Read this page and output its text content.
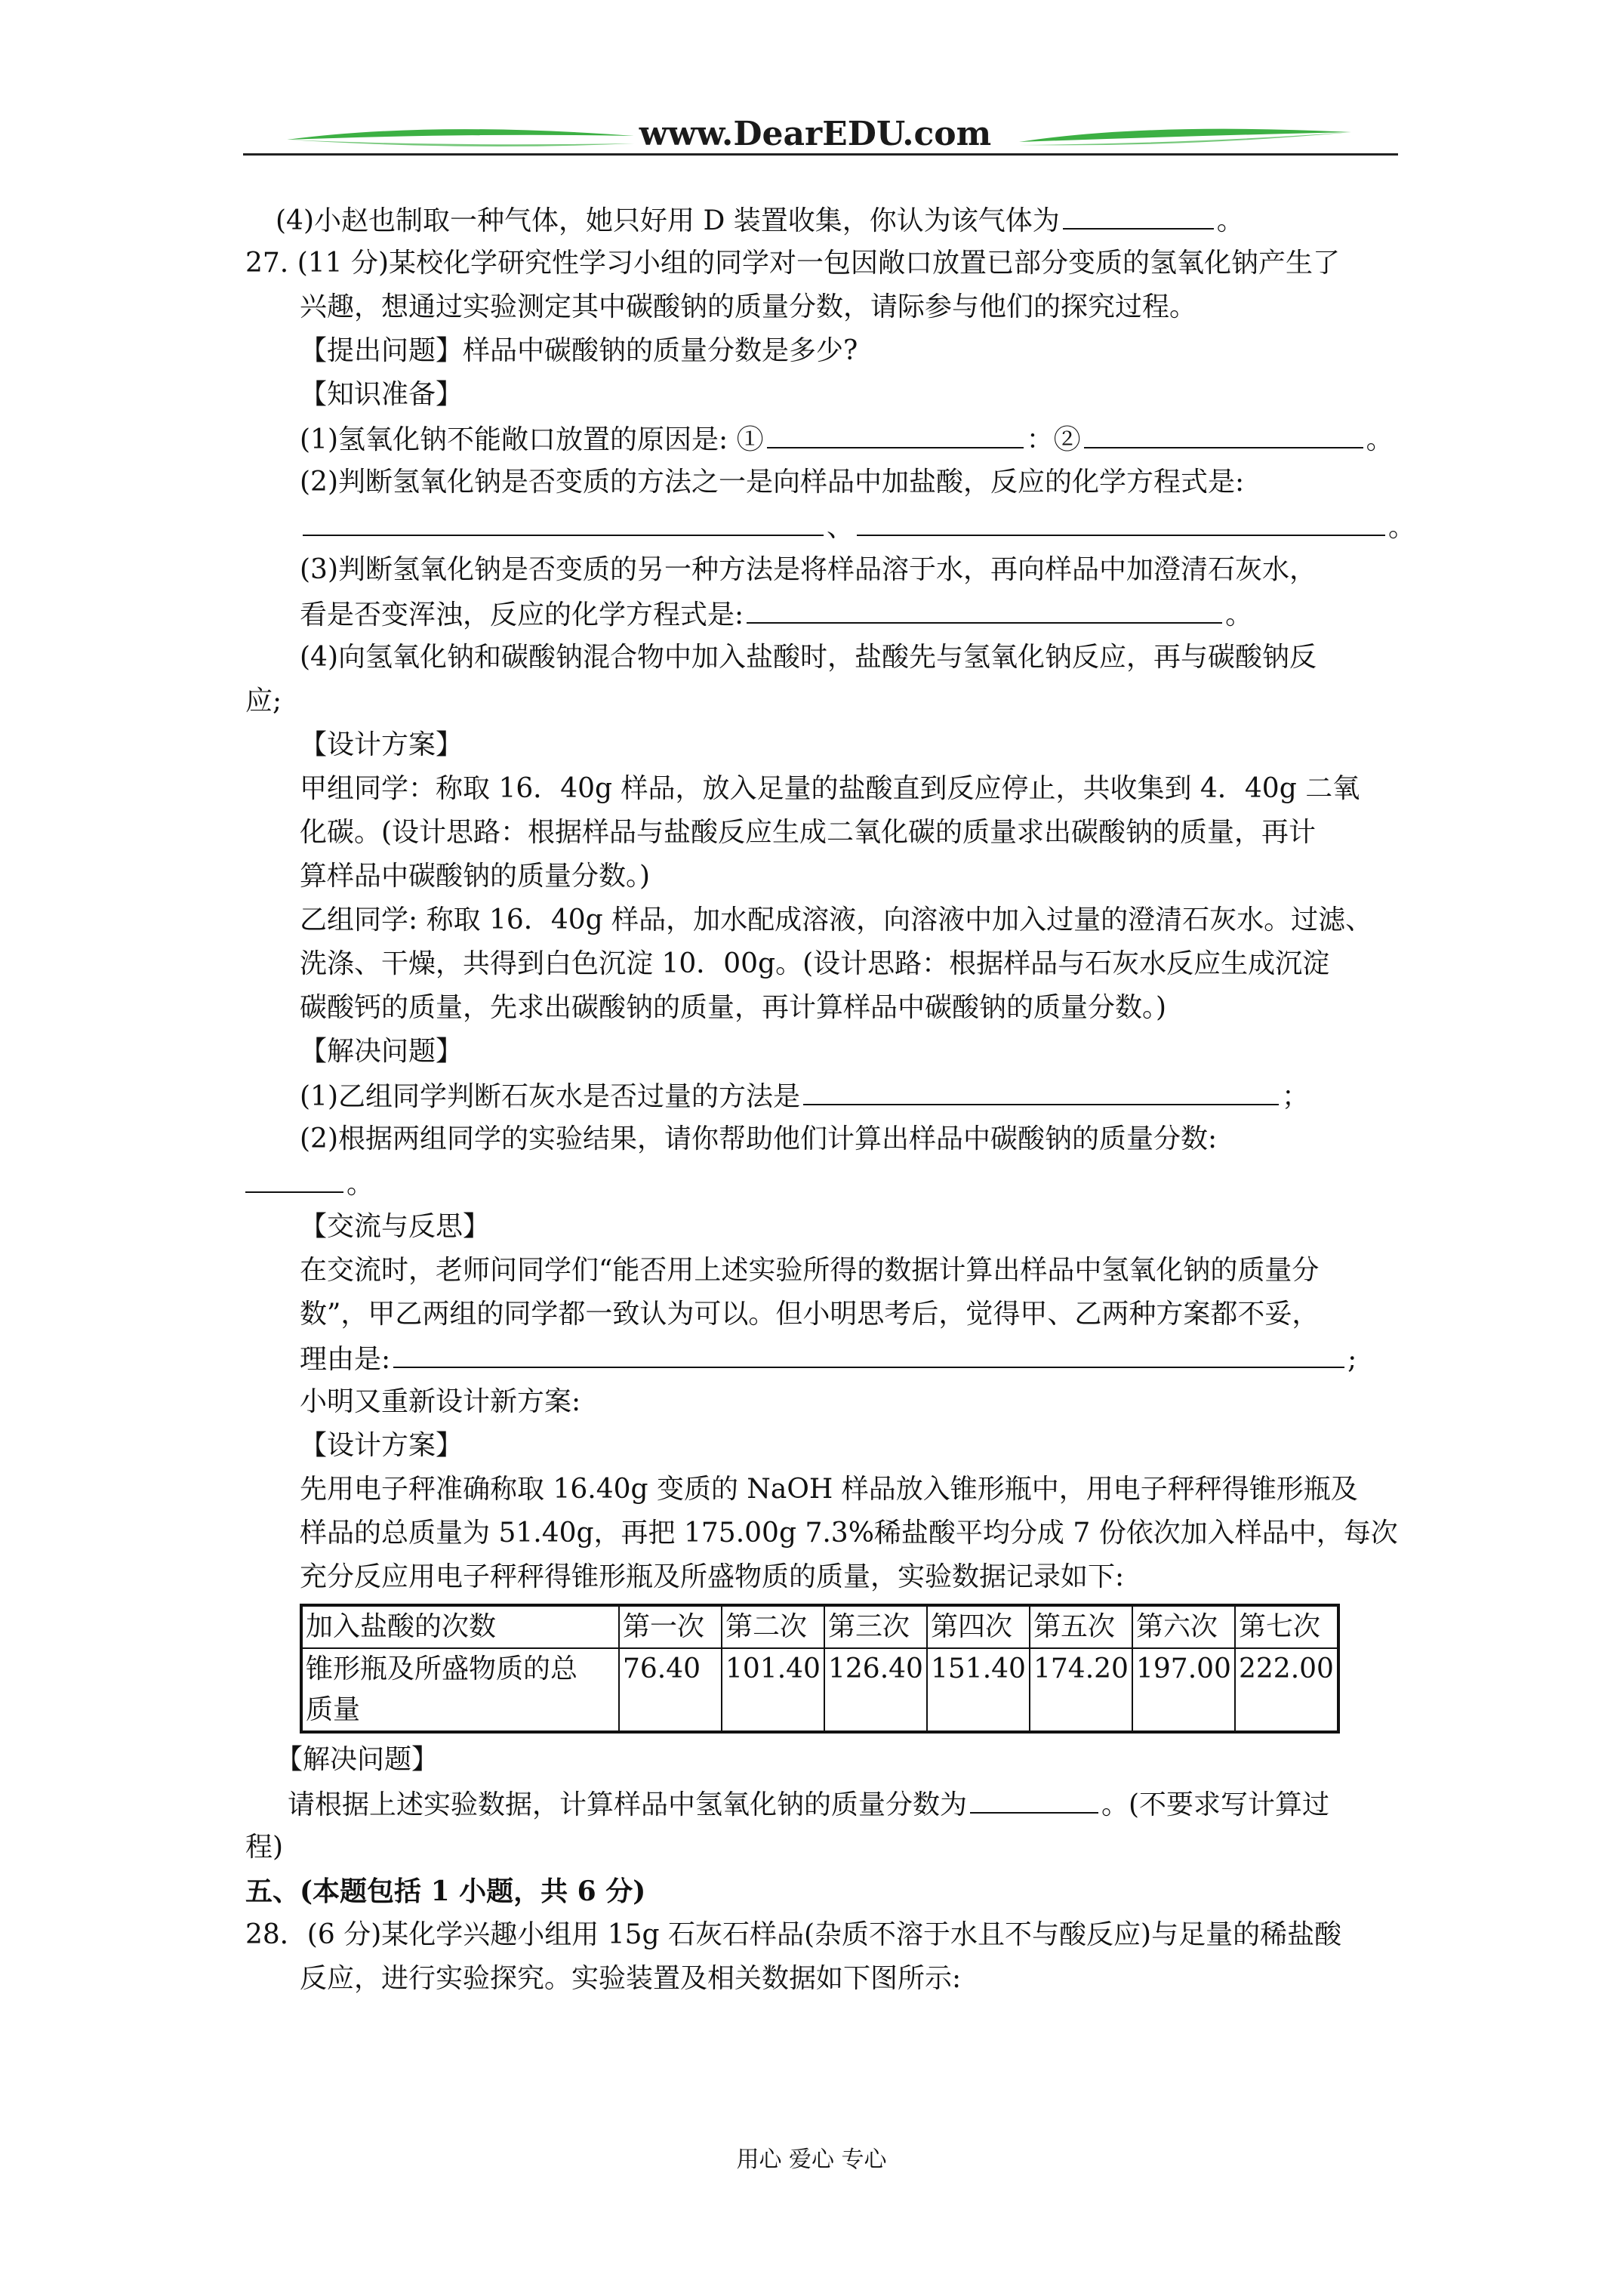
www.DearEDU.com
(4)小赵也制取一种气体，她只好用 D 装置收集，你认为该气体为	。
27. (11 分)某校化学研究性学习小组的同学对一包因敞口放置已部分变质的氢氧化钠产生了
兴趣，想通过实验测定其中碳酸钠的质量分数，请际参与他们的探究过程。
【提出问题】样品中碳酸钠的质量分数是多少?
【知识准备】
(1)氢氧化钠不能敞口放置的原因是: ①	：②	。
(2)判断氢氧化钠是否变质的方法之一是向样品中加盐酸，反应的化学方程式是:
、	。
(3)判断氢氧化钠是否变质的另一种方法是将样品溶于水，再向样品中加澄清石灰水，
看是否变浑浊，反应的化学方程式是:	。
(4)向氢氧化钠和碳酸钠混合物中加入盐酸时，盐酸先与氢氧化钠反应，再与碳酸钠反
应;
【设计方案】
甲组同学：称取 16．40g 样品，放入足量的盐酸直到反应停止，共收集到 4．40g 二氧
化碳。(设计思路：根据样品与盐酸反应生成二氧化碳的质量求出碳酸钠的质量，再计
算样品中碳酸钠的质量分数。)
乙组同学: 称取 16．40g 样品，加水配成溶液，向溶液中加入过量的澄清石灰水。过滤、
洗涤、干燥，共得到白色沉淀 10．00g。(设计思路：根据样品与石灰水反应生成沉淀
碳酸钙的质量，先求出碳酸钠的质量，再计算样品中碳酸钠的质量分数。)
【解决问题】
(1)乙组同学判断石灰水是否过量的方法是	；
(2)根据两组同学的实验结果，请你帮助他们计算出样品中碳酸钠的质量分数:
。
【交流与反思】
在交流时，老师问同学们“能否用上述实验所得的数据计算出样品中氢氧化钠的质量分
数”，甲乙两组的同学都一致认为可以。但小明思考后，觉得甲、乙两种方案都不妥，
理由是:	;
小明又重新设计新方案:
【设计方案】
先用电子秤准确称取 16.40g 变质的 NaOH 样品放入锥形瓶中，用电子秤秤得锥形瓶及
样品的总质量为 51.40g，再把 175.00g 7.3%稀盐酸平均分成 7 份依次加入样品中，每次
充分反应用电子秤秤得锥形瓶及所盛物质的质量，实验数据记录如下:
加入盐酸的次数	第一次	第二次	第三次	第四次	第五次	第六次	第七次
锥形瓶及所盛物质的总
质量	76.40	101.40	126.40	151.40	174.20	197.00	222.00
【解决问题】
请根据上述实验数据，计算样品中氢氧化钠的质量分数为	。(不要求写计算过
程)
五、(本题包括 1 小题，共 6 分)
28．(6 分)某化学兴趣小组用 15g 石灰石样品(杂质不溶于水且不与酸反应)与足量的稀盐酸
反应，进行实验探究。实验装置及相关数据如下图所示:
用心 爱心 专心
